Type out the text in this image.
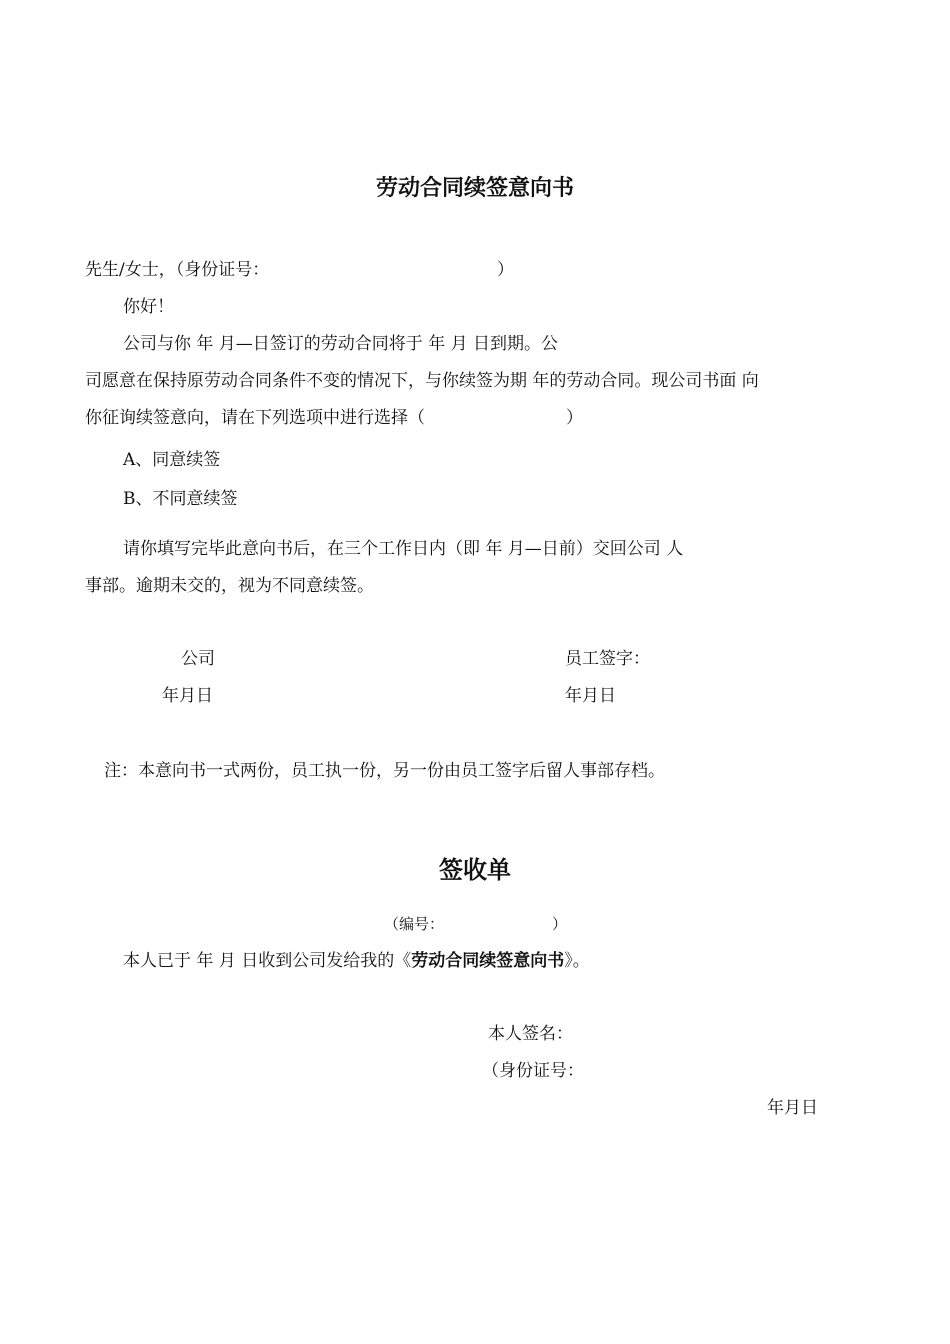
劳动合同续签意向书
先生/女士，（身份证号：	）
你好！
公司与你 年 月—日签订的劳动合同将于 年 月 日到期。公
司愿意在保持原劳动合同条件不变的情况下，与你续签为期 年的劳动合同。现公司书面 向
你征询续签意向，请在下列选项中进行选择（	）
A、同意续签
B、不同意续签
请你填写完毕此意向书后，在三个工作日内（即 年 月—日前）交回公司 人
事部。逾期未交的，视为不同意续签。
公司	员工签字：
年月日	年月日
注：本意向书一式两份，员工执一份，另一份由员工签字后留人事部存档。
签收单
（编号：	）
本人已于 年 月 日收到公司发给我的《劳动合同续签意向书》。
本人签名：
（身份证号：
年月日
